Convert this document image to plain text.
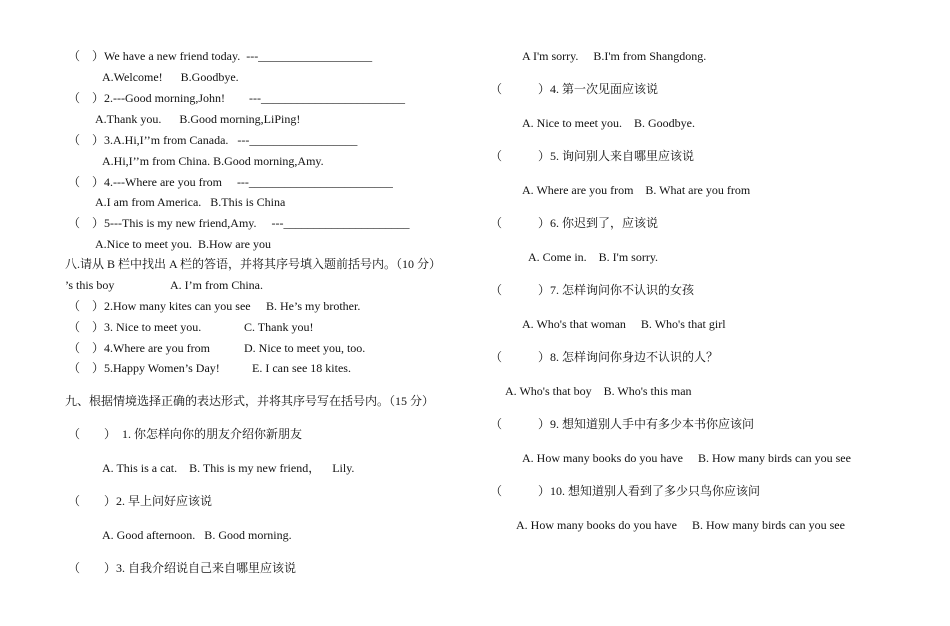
（　）We have a new friend today.  ---___________________
A.Welcome!      B.Goodbye.
（　）2.---Good morning,John!        ---________________________
A.Thank you.      B.Good morning,LiPing!
（　）3.A.Hi,I’’m from Canada.   ---__________________
A.Hi,I’’m from China. B.Good morning,Amy.
（　）4.---Where are you from     ---________________________
A.I am from America.   B.This is China
（　）5---This is my new friend,Amy.     ---_____________________
A.Nice to meet you.  B.How are you
八.请从 B 栏中找出 A 栏的答语，并将其序号填入题前括号内。（10 分）
’s this boy	A. I’m from China.
（　）2.How many kites can you see B. He’s my brother.
（　）3. Nice to meet you.	C. Thank you!
（　）4.Where are you from	D. Nice to meet you, too.
（　）5.Happy Women’s Day!	E. I can see 18 kites.
九、根据情境选择正确的表达形式，并将其序号写在括号内。（15 分）
（　　）　1. 你怎样向你的朋友介绍你新朋友
A. This is a cat.    B. This is my new friend，    Lily.
（　　）2. 早上问好应该说
A. Good afternoon.   B. Good morning.
（　　）3. 自我介绍说自己来自哪里应该说
A I'm sorry.     B.I'm from Shangdong.
（　　　）4. 第一次见面应该说
A. Nice to meet you.    B. Goodbye.
（　　　）5. 询问别人来自哪里应该说
A. Where are you from    B. What are you from
（　　　）6. 你迟到了，应该说
A. Come in.    B. I'm sorry.
（　　　）7. 怎样询问你不认识的女孩
A. Who's that woman     B. Who's that girl
（　　　）8. 怎样询问你身边不认识的人？
A. Who's that boy    B. Who's this man
（　　　）9. 想知道别人手中有多少本书你应该问
A. How many books do you have     B. How many birds can you see
（　　　）10. 想知道别人看到了多少只鸟你应该问
A. How many books do you have     B. How many birds can you see
